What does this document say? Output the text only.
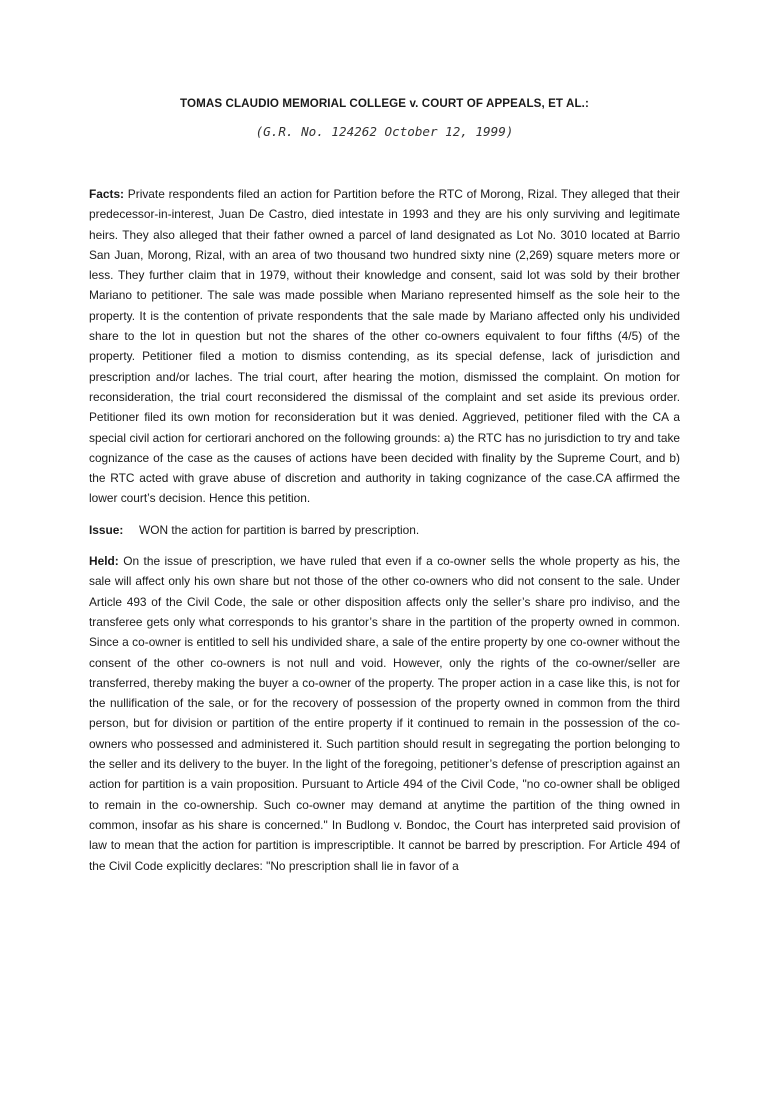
TOMAS CLAUDIO MEMORIAL COLLEGE v. COURT OF APPEALS, ET AL.:
(G.R. No. 124262 October 12, 1999)

Facts: Private respondents filed an action for Partition before the RTC of Morong, Rizal. They alleged that their predecessor-in-interest, Juan De Castro, died intestate in 1993 and they are his only surviving and legitimate heirs. They also alleged that their father owned a parcel of land designated as Lot No. 3010 located at Barrio San Juan, Morong, Rizal, with an area of two thousand two hundred sixty nine (2,269) square meters more or less. They further claim that in 1979, without their knowledge and consent, said lot was sold by their brother Mariano to petitioner. The sale was made possible when Mariano represented himself as the sole heir to the property. It is the contention of private respondents that the sale made by Mariano affected only his undivided share to the lot in question but not the shares of the other co-owners equivalent to four fifths (4/5) of the property. Petitioner filed a motion to dismiss contending, as its special defense, lack of jurisdiction and prescription and/or laches. The trial court, after hearing the motion, dismissed the complaint. On motion for reconsideration, the trial court reconsidered the dismissal of the complaint and set aside its previous order. Petitioner filed its own motion for reconsideration but it was denied. Aggrieved, petitioner filed with the CA a special civil action for certiorari anchored on the following grounds: a) the RTC has no jurisdiction to try and take cognizance of the case as the causes of actions have been decided with finality by the Supreme Court, and b) the RTC acted with grave abuse of discretion and authority in taking cognizance of the case.CA affirmed the lower court’s decision. Hence this petition.

Issue: WON the action for partition is barred by prescription.

Held: On the issue of prescription, we have ruled that even if a co-owner sells the whole property as his, the sale will affect only his own share but not those of the other co-owners who did not consent to the sale. Under Article 493 of the Civil Code, the sale or other disposition affects only the seller’s share pro indiviso, and the transferee gets only what corresponds to his grantor’s share in the partition of the property owned in common. Since a co-owner is entitled to sell his undivided share, a sale of the entire property by one co-owner without the consent of the other co-owners is not null and void. However, only the rights of the co-owner/seller are transferred, thereby making the buyer a co-owner of the property. The proper action in a case like this, is not for the nullification of the sale, or for the recovery of possession of the property owned in common from the third person, but for division or partition of the entire property if it continued to remain in the possession of the co-owners who possessed and administered it. Such partition should result in segregating the portion belonging to the seller and its delivery to the buyer. In the light of the foregoing, petitioner’s defense of prescription against an action for partition is a vain proposition. Pursuant to Article 494 of the Civil Code, "no co-owner shall be obliged to remain in the co-ownership. Such co-owner may demand at anytime the partition of the thing owned in common, insofar as his share is concerned." In Budlong v. Bondoc, the Court has interpreted said provision of law to mean that the action for partition is imprescriptible. It cannot be barred by prescription. For Article 494 of the Civil Code explicitly declares: "No prescription shall lie in favor of a
